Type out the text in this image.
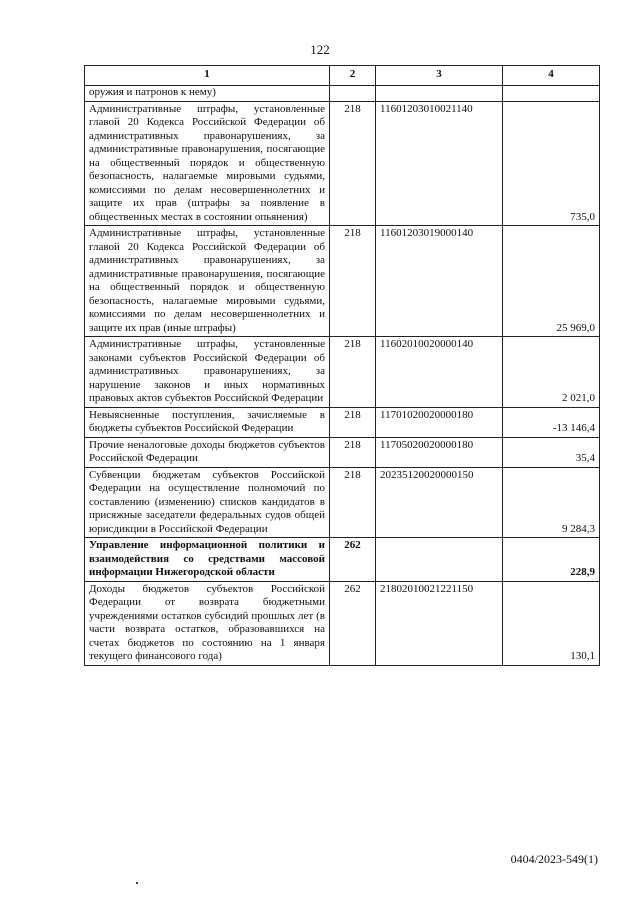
122
1	2	3	4
оружия и патронов к нему)			
Административные штрафы, установленные главой 20 Кодекса Российской Федерации об административных правонарушениях, за административные правонарушения, посягающие на общественный порядок и общественную безопасность, налагаемые мировыми судьями, комиссиями по делам несовершеннолетних и защите их прав (штрафы за появление в общественных местах в состоянии опьянения)	218	11601203010021140	735,0
Административные штрафы, установленные главой 20 Кодекса Российской Федерации об административных правонарушениях, за административные правонарушения, посягающие на общественный порядок и общественную безопасность, налагаемые мировыми судьями, комиссиями по делам несовершеннолетних и защите их прав (иные штрафы)	218	11601203019000140	25 969,0
Административные штрафы, установленные законами субъектов Российской Федерации об административных правонарушениях, за нарушение законов и иных нормативных правовых актов субъектов Российской Федерации	218	11602010020000140	2 021,0
Невыясненные поступления, зачисляемые в бюджеты субъектов Российской Федерации	218	11701020020000180	-13 146,4
Прочие неналоговые доходы бюджетов субъектов Российской Федерации	218	11705020020000180	35,4
Субвенции бюджетам субъектов Российской Федерации на осуществление полномочий по составлению (изменению) списков кандидатов в присяжные заседатели федеральных судов общей юрисдикции в Российской Федерации	218	20235120020000150	9 284,3
Управление информационной политики и взаимодействия со средствами массовой информации Нижегородской области	262		228,9
Доходы бюджетов субъектов Российской Федерации от возврата бюджетными учреждениями остатков субсидий прошлых лет (в части возврата остатков, образовавшихся на счетах бюджетов по состоянию на 1 января текущего финансового года)	262	21802010021221150	130,1
0404/2023-549(1)
